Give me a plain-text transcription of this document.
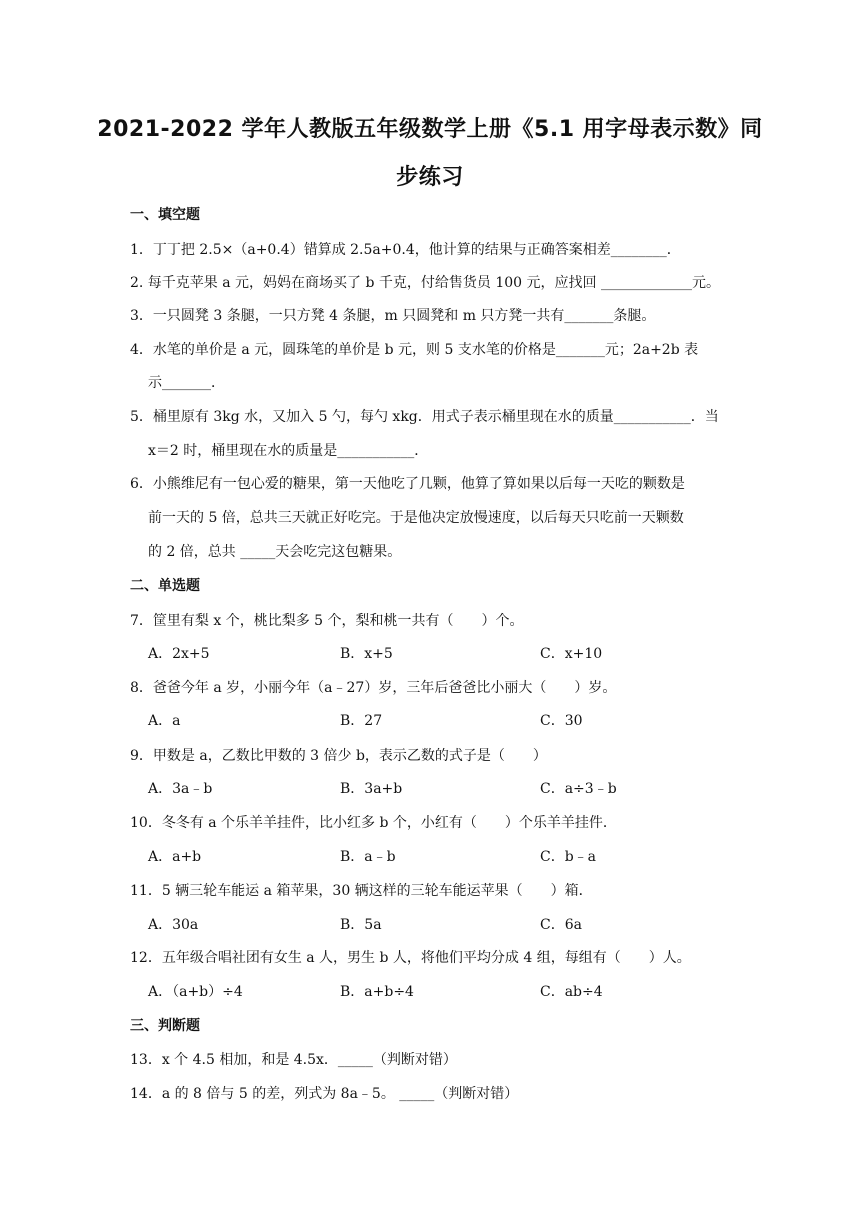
2021-2022 学年人教版五年级数学上册《5.1 用字母表示数》同
步练习
一、填空题
1．丁丁把 2.5×（a+0.4）错算成 2.5a+0.4，他计算的结果与正确答案相差________．
2. 每千克苹果 a 元，妈妈在商场买了 b 千克，付给售货员 100 元，应找回 _____________元。
3．一只圆凳 3 条腿，一只方凳 4 条腿，m 只圆凳和 m 只方凳一共有_______条腿。
4．水笔的单价是 a 元，圆珠笔的单价是 b 元，则 5 支水笔的价格是_______元；2a+2b 表
示_______．
5．桶里原有 3kg 水，又加入 5 勺，每勺 xkg．用式子表示桶里现在水的质量___________．当
x＝2 时，桶里现在水的质量是___________．
6．小熊维尼有一包心爱的糖果，第一天他吃了几颗，他算了算如果以后每一天吃的颗数是
前一天的 5 倍，总共三天就正好吃完。于是他决定放慢速度，以后每天只吃前一天颗数
的 2 倍，总共 _____天会吃完这包糖果。
二、单选题
7．筐里有梨 x 个，桃比梨多 5 个，梨和桃一共有（　　）个。
A．2x+5	B．x+5	C．x+10
8．爸爸今年 a 岁，小丽今年（a﹣27）岁，三年后爸爸比小丽大（　　）岁。
A．a	B．27	C．30
9．甲数是 a，乙数比甲数的 3 倍少 b，表示乙数的式子是（　　）
A．3a﹣b	B．3a+b	C．a÷3﹣b
10．冬冬有 a 个乐羊羊挂件，比小红多 b 个，小红有（　　）个乐羊羊挂件．
A．a+b	B．a﹣b	C．b﹣a
11．5 辆三轮车能运 a 箱苹果，30 辆这样的三轮车能运苹果（　　）箱．
A．30a	B．5a	C．6a
12．五年级合唱社团有女生 a 人，男生 b 人，将他们平均分成 4 组，每组有（　　）人。
A．（a+b）÷4	B．a+b÷4	C．ab÷4
三、判断题
13．x 个 4.5 相加，和是 4.5x．_____（判断对错）
14．a 的 8 倍与 5 的差，列式为 8a﹣5。 _____（判断对错）
